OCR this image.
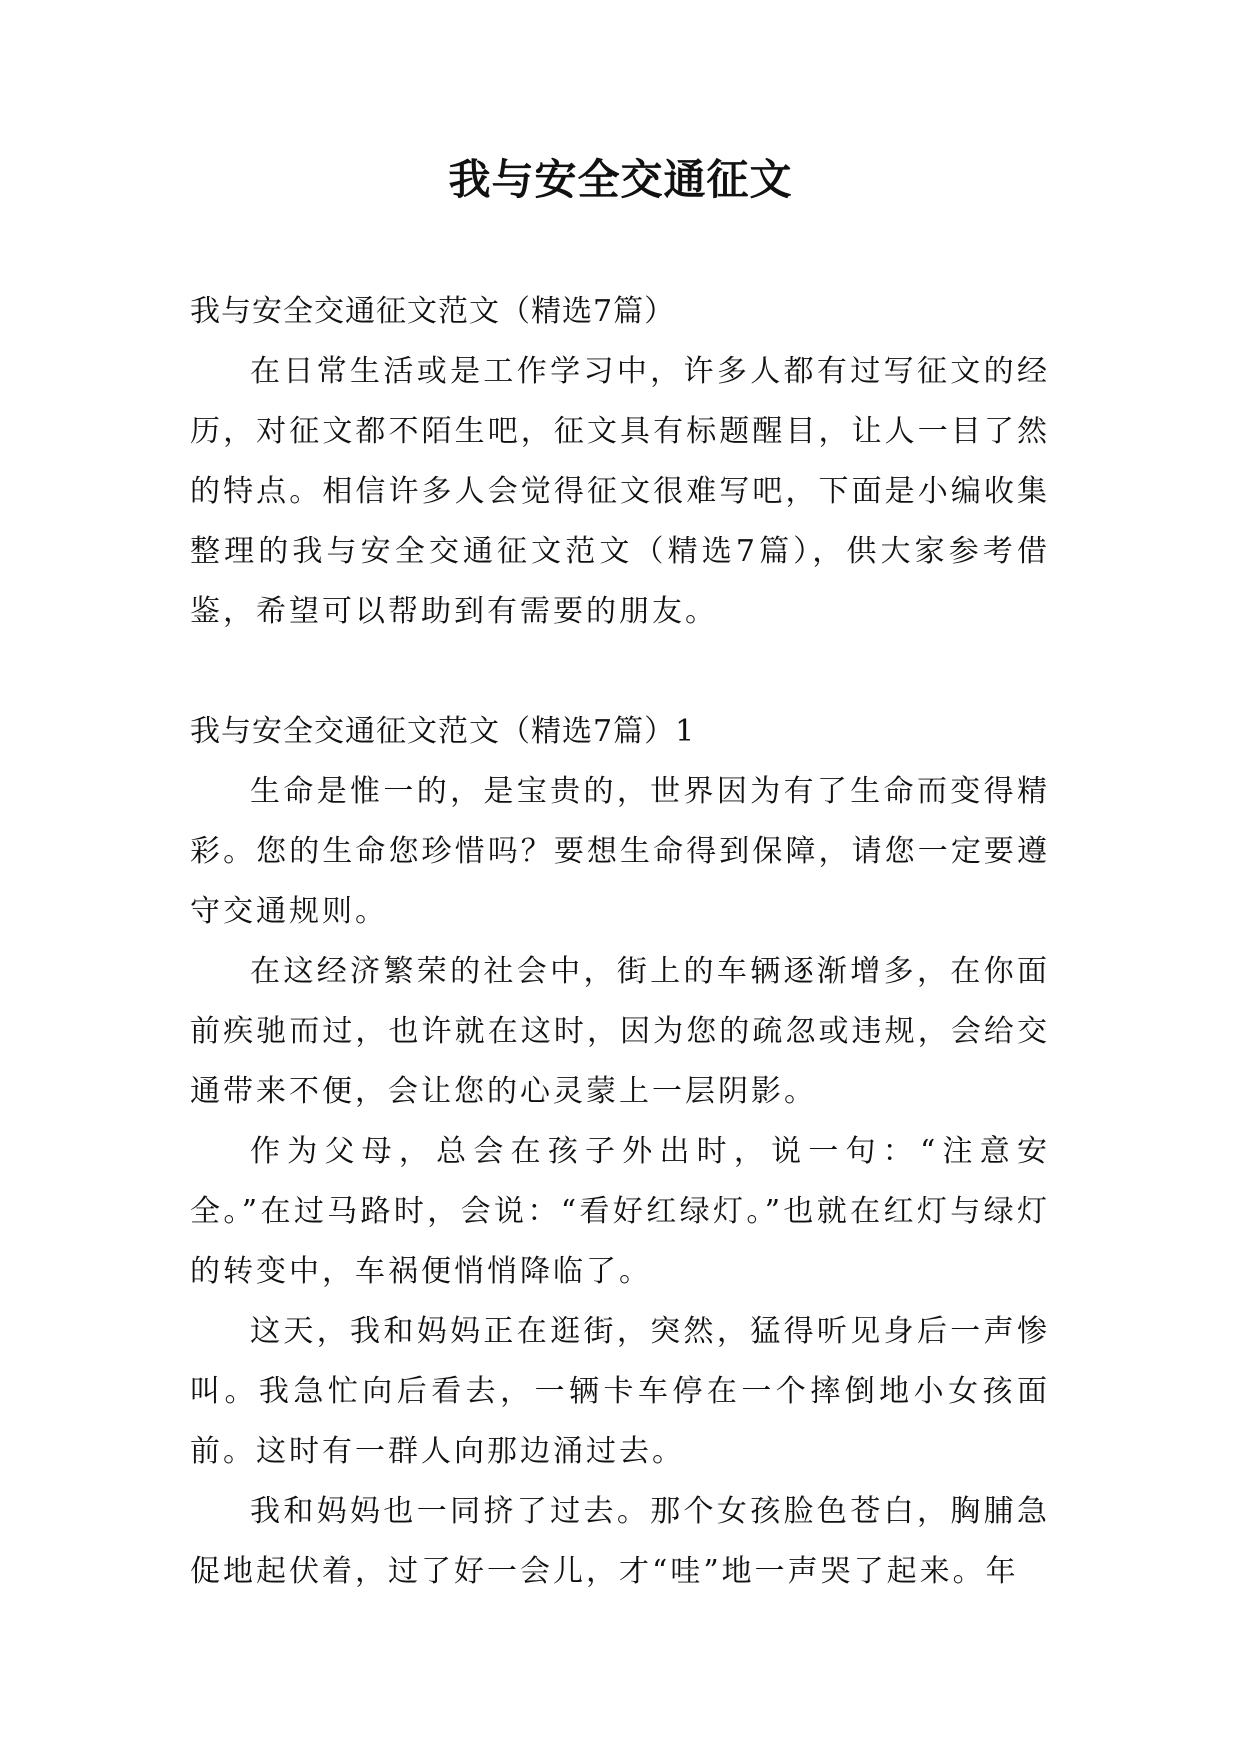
我与安全交通征文

我与安全交通征文范文（精选7篇）

在日常生活或是工作学习中，许多人都有过写征文的经历，对征文都不陌生吧，征文具有标题醒目，让人一目了然的特点。相信许多人会觉得征文很难写吧，下面是小编收集整理的我与安全交通征文范文（精选7篇），供大家参考借鉴，希望可以帮助到有需要的朋友。

我与安全交通征文范文（精选7篇）1

生命是惟一的，是宝贵的，世界因为有了生命而变得精彩。您的生命您珍惜吗？要想生命得到保障，请您一定要遵守交通规则。

在这经济繁荣的社会中，街上的车辆逐渐增多，在你面前疾驰而过，也许就在这时，因为您的疏忽或违规，会给交通带来不便，会让您的心灵蒙上一层阴影。

作为父母，总会在孩子外出时，说一句：“注意安全。”在过马路时，会说：“看好红绿灯。”也就在红灯与绿灯的转变中，车祸便悄悄降临了。

这天，我和妈妈正在逛街，突然，猛得听见身后一声惨叫。我急忙向后看去，一辆卡车停在一个摔倒地小女孩面前。这时有一群人向那边涌过去。

我和妈妈也一同挤了过去。那个女孩脸色苍白，胸脯急促地起伏着，过了好一会儿，才“哇”地一声哭了起来。年
